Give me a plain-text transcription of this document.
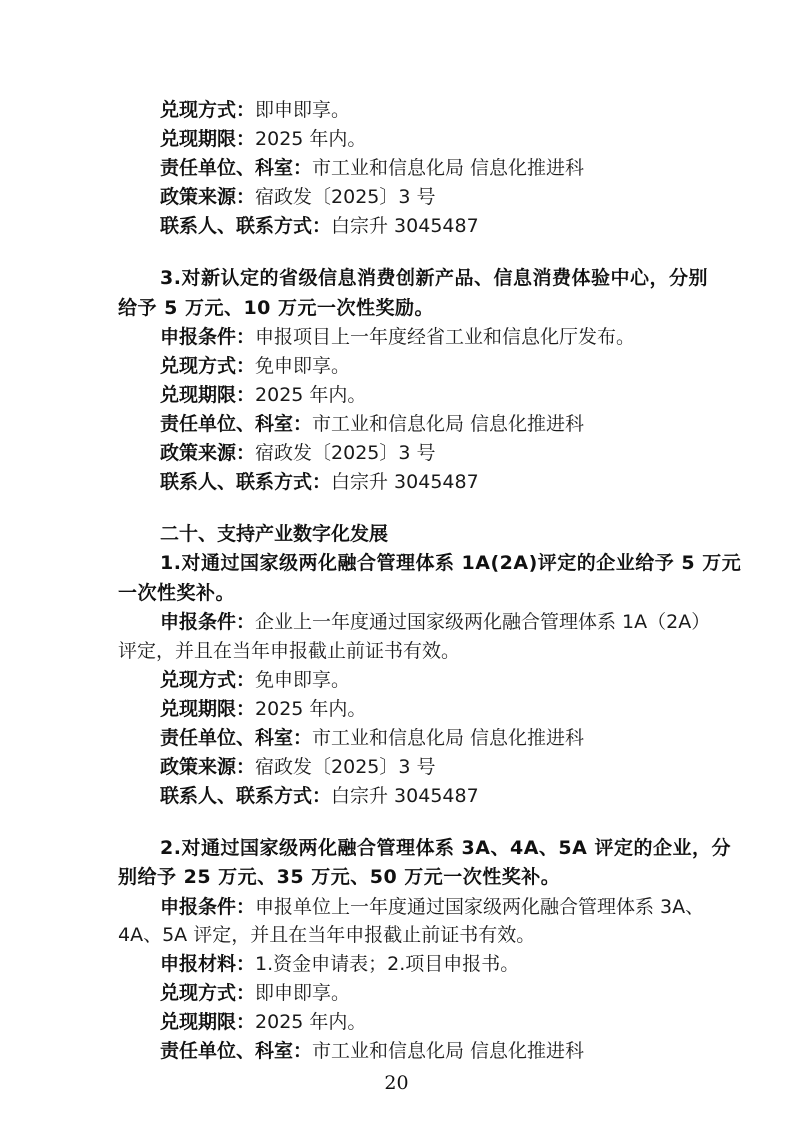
兑现方式：即申即享。
兑现期限：2025 年内。
责任单位、科室：市工业和信息化局 信息化推进科
政策来源：宿政发〔2025〕3 号
联系人、联系方式：白宗升 3045487
3.对新认定的省级信息消费创新产品、信息消费体验中心，分别
给予 5 万元、10 万元一次性奖励。
申报条件：申报项目上一年度经省工业和信息化厅发布。
兑现方式：免申即享。
兑现期限：2025 年内。
责任单位、科室：市工业和信息化局 信息化推进科
政策来源：宿政发〔2025〕3 号
联系人、联系方式：白宗升 3045487
二十、支持产业数字化发展
1.对通过国家级两化融合管理体系 1A(2A)评定的企业给予 5 万元
一次性奖补。
申报条件：企业上一年度通过国家级两化融合管理体系 1A（2A）
评定，并且在当年申报截止前证书有效。
兑现方式：免申即享。
兑现期限：2025 年内。
责任单位、科室：市工业和信息化局 信息化推进科
政策来源：宿政发〔2025〕3 号
联系人、联系方式：白宗升 3045487
2.对通过国家级两化融合管理体系 3A、4A、5A 评定的企业，分
别给予 25 万元、35 万元、50 万元一次性奖补。
申报条件：申报单位上一年度通过国家级两化融合管理体系 3A、
4A、5A 评定，并且在当年申报截止前证书有效。
申报材料：1.资金申请表；2.项目申报书。
兑现方式：即申即享。
兑现期限：2025 年内。
责任单位、科室：市工业和信息化局 信息化推进科
20
